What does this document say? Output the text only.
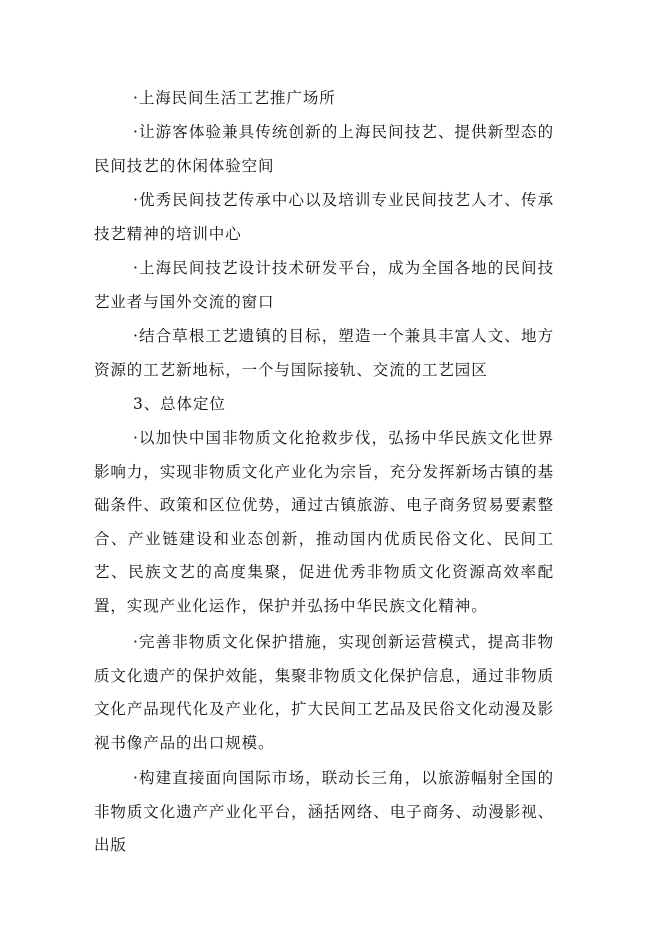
·上海民间生活工艺推广场所

·让游客体验兼具传统创新的上海民间技艺、提供新型态的民间技艺的休闲体验空间

·优秀民间技艺传承中心以及培训专业民间技艺人才、传承技艺精神的培训中心

·上海民间技艺设计技术研发平台，成为全国各地的民间技艺业者与国外交流的窗口

·结合草根工艺遗镇的目标，塑造一个兼具丰富人文、地方资源的工艺新地标，一个与国际接轨、交流的工艺园区

3、总体定位

·以加快中国非物质文化抢救步伐，弘扬中华民族文化世界影响力，实现非物质文化产业化为宗旨，充分发挥新场古镇的基础条件、政策和区位优势，通过古镇旅游、电子商务贸易要素整合、产业链建设和业态创新，推动国内优质民俗文化、民间工艺、民族文艺的高度集聚，促进优秀非物质文化资源高效率配置，实现产业化运作，保护并弘扬中华民族文化精神。

·完善非物质文化保护措施，实现创新运营模式，提高非物质文化遗产的保护效能，集聚非物质文化保护信息，通过非物质文化产品现代化及产业化，扩大民间工艺品及民俗文化动漫及影视书像产品的出口规模。

·构建直接面向国际市场，联动长三角，以旅游幅射全国的非物质文化遗产产业化平台，涵括网络、电子商务、动漫影视、出版
